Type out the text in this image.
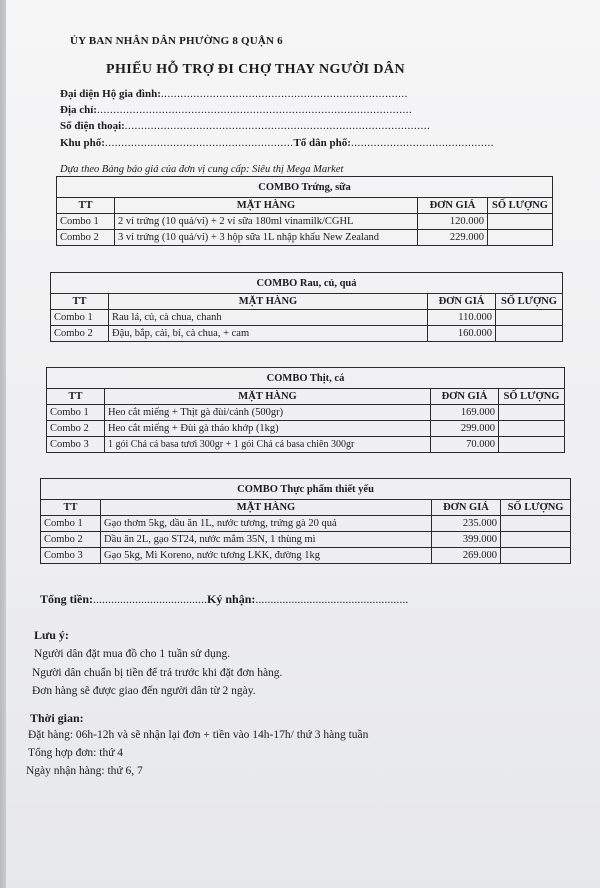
ỦY BAN NHÂN DÂN PHƯỜNG 8 QUẬN 6
PHIẾU HỖ TRỢ ĐI CHỢ THAY NGƯỜI DÂN
Đại diện Hộ gia đình:............................................................................
Địa chỉ:.................................................................................................
Số điện thoại:..............................................................................................
Khu phố:..........................................................Tổ dân phố:............................................
Dựa theo Bảng báo giá của đơn vị cung cấp: Siêu thị Mega Market
COMBO Trứng, sữa			
TT	MẶT HÀNG	ĐƠN GIÁ	SỐ LƯỢNG
Combo 1	2 vỉ trứng (10 quả/vỉ) + 2 vỉ sữa 180ml vinamilk/CGHL	120.000	
Combo 2	3 vỉ trứng (10 quả/vỉ) + 3 hộp sữa 1L nhập khẩu New Zealand	229.000	
COMBO Rau, củ, quả			
TT	MẶT HÀNG	ĐƠN GIÁ	SỐ LƯỢNG
Combo 1	Rau lá, củ, cà chua, chanh	110.000	
Combo 2	Đậu, bắp, cải, bí, cà chua, + cam	160.000	
COMBO Thịt, cá			
TT	MẶT HÀNG	ĐƠN GIÁ	SỐ LƯỢNG
Combo 1	Heo cắt miếng + Thịt gà đùi/cánh (500gr)	169.000	
Combo 2	Heo cắt miếng + Đùi gà tháo khớp (1kg)	299.000	
Combo 3	1 gói Chả cá basa tươi 300gr + 1 gói Chả cá basa chiên 300gr	70.000	
COMBO Thực phẩm thiết yếu			
TT	MẶT HÀNG	ĐƠN GIÁ	SỐ LƯỢNG
Combo 1	Gạo thơm 5kg, dầu ăn 1L, nước tương, trứng gà 20 quả	235.000	
Combo 2	Dầu ăn 2L, gạo ST24, nước mắm 35N, 1 thùng mì	399.000	
Combo 3	Gạo 5kg, Mì Koreno, nước tương LKK, đường 1kg	269.000	
Tổng tiền:......................................Ký nhận:...................................................
Lưu ý:
Người dân đặt mua đồ cho 1 tuần sử dụng.
Người dân chuẩn bị tiền để trả trước khi đặt đơn hàng.
Đơn hàng sẽ được giao đến người dân từ 2 ngày.
Thời gian:
Đặt hàng: 06h-12h và sẽ nhận lại đơn + tiền vào 14h-17h/ thứ 3 hàng tuần
Tổng hợp đơn: thứ 4
Ngày nhận hàng: thứ 6, 7
